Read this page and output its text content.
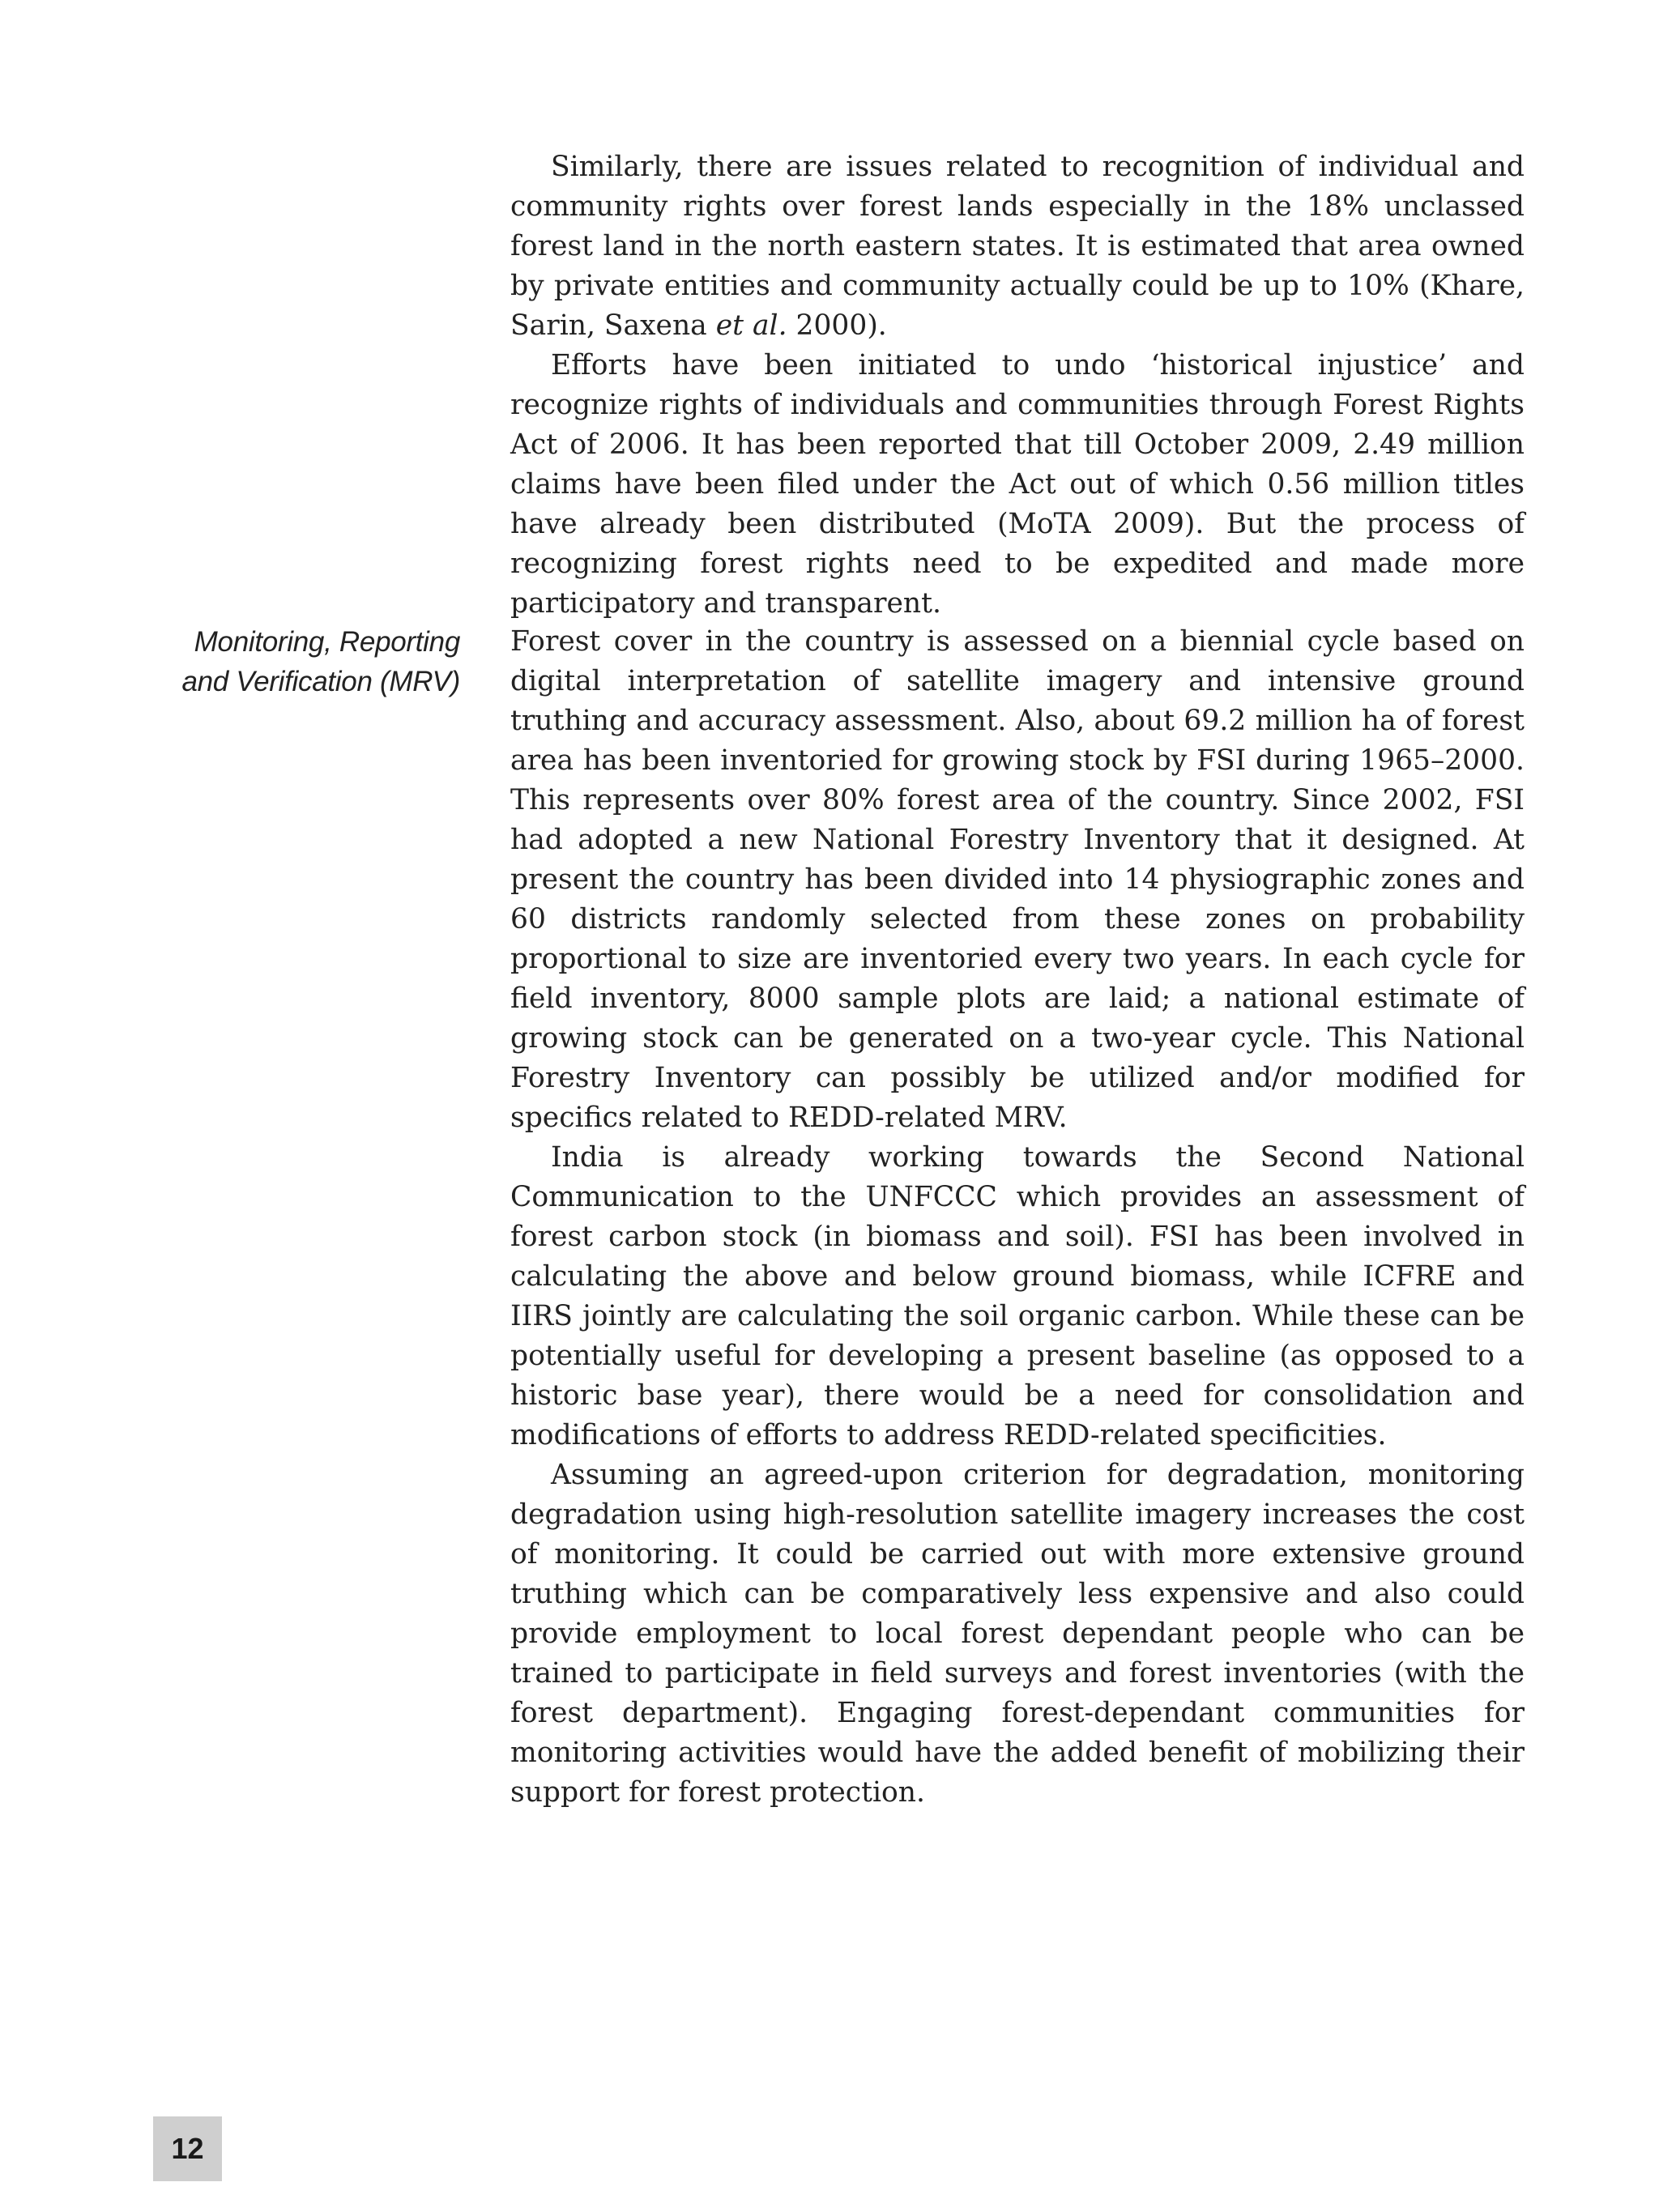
Similarly, there are issues related to recognition of individual and community rights over forest lands especially in the 18% unclassed forest land in the north eastern states. It is estimated that area owned by private entities and community actually could be up to 10% (Khare, Sarin, Saxena et al. 2000).

Efforts have been initiated to undo ‘historical injustice’ and recognize rights of individuals and communities through Forest Rights Act of 2006. It has been reported that till October 2009, 2.49 million claims have been filed under the Act out of which 0.56 million titles have already been distributed (MoTA 2009). But the process of recognizing forest rights need to be expedited and made more participatory and transparent.

Monitoring, Reporting
and Verification (MRV)

Forest cover in the country is assessed on a biennial cycle based on digital interpretation of satellite imagery and intensive ground truthing and accuracy assessment. Also, about 69.2 million ha of forest area has been inventoried for growing stock by FSI during 1965–2000. This represents over 80% forest area of the country. Since 2002, FSI had adopted a new National Forestry Inventory that it designed. At present the country has been divided into 14 physiographic zones and 60 districts randomly selected from these zones on probability proportional to size are inventoried every two years. In each cycle for field inventory, 8000 sample plots are laid; a national estimate of growing stock can be generated on a two-year cycle. This National Forestry Inventory can possibly be utilized and/or modified for specifics related to REDD-related MRV.

India is already working towards the Second National Communication to the UNFCCC which provides an assessment of forest carbon stock (in biomass and soil). FSI has been involved in calculating the above and below ground biomass, while ICFRE and IIRS jointly are calculating the soil organic carbon. While these can be potentially useful for developing a present baseline (as opposed to a historic base year), there would be a need for consolidation and modifications of efforts to address REDD-related specificities.

Assuming an agreed-upon criterion for degradation, monitoring degradation using high-resolution satellite imagery increases the cost of monitoring. It could be carried out with more extensive ground truthing which can be comparatively less expensive and also could provide employment to local forest dependant people who can be trained to participate in field surveys and forest inventories (with the forest department). Engaging forest-dependant communities for monitoring activities would have the added benefit of mobilizing their support for forest protection.

12
